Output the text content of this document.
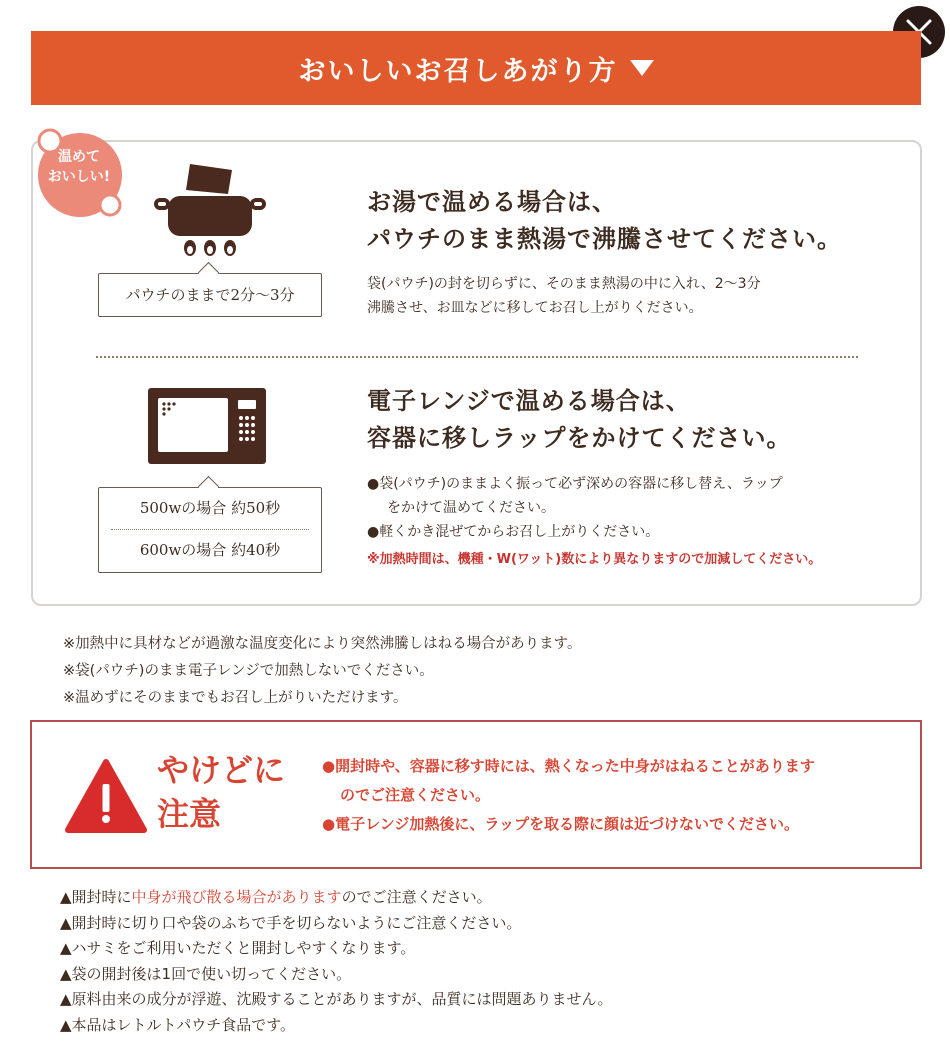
おいしいお召しあがり方
温めて
おいしい!
パウチのままで2分〜3分
お湯で温める場合は、
パウチのまま熱湯で沸騰させてください。
袋(パウチ)の封を切らずに、そのまま熱湯の中に入れ、2〜3分
沸騰させ、お皿などに移してお召し上がりください。
500wの場合 約50秒
600wの場合 約40秒
電子レンジで温める場合は、
容器に移しラップをかけてください。
●袋(パウチ)のままよく振って必ず深めの容器に移し替え、ラップ
をかけて温めてください。
●軽くかき混ぜてからお召し上がりください。
※加熱時間は、機種・W(ワット)数により異なりますので加減してください。
※加熱中に具材などが過激な温度変化により突然沸騰しはねる場合があります。
※袋(パウチ)のまま電子レンジで加熱しないでください。
※温めずにそのままでもお召し上がりいただけます。
やけどに
注意
●開封時や、容器に移す時には、熱くなった中身がはねることがあります
のでご注意ください。
●電子レンジ加熱後に、ラップを取る際に顔は近づけないでください。
▲開封時に中身が飛び散る場合がありますのでご注意ください。
▲開封時に切り口や袋のふちで手を切らないようにご注意ください。
▲ハサミをご利用いただくと開封しやすくなります。
▲袋の開封後は1回で使い切ってください。
▲原料由来の成分が浮遊、沈殿することがありますが、品質には問題ありません。
▲本品はレトルトパウチ食品です。
